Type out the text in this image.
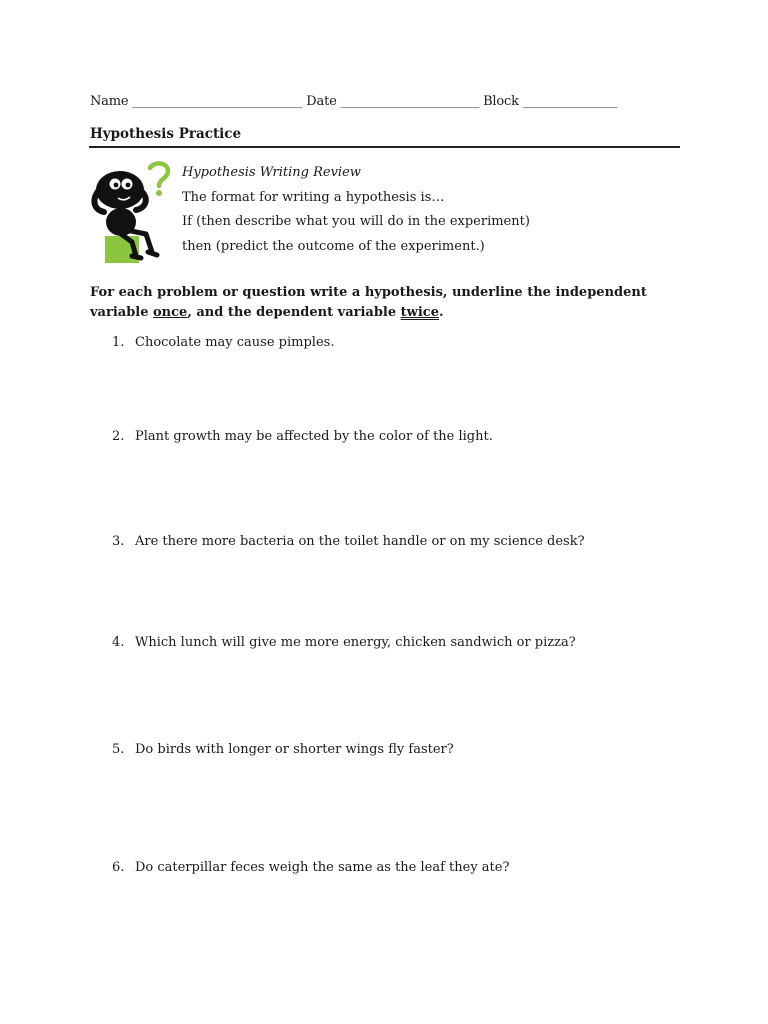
Name ___________________________ Date ______________________ Block _______________
Hypothesis Practice
Hypothesis Writing Review
The format for writing a hypothesis is…
If (then describe what you will do in the experiment)
then (predict the outcome of the experiment.)
For each problem or question write a hypothesis, underline the independent variable once, and the dependent variable twice.
1. Chocolate may cause pimples.
2. Plant growth may be affected by the color of the light.
3. Are there more bacteria on the toilet handle or on my science desk?
4. Which lunch will give me more energy, chicken sandwich or pizza?
5. Do birds with longer or shorter wings fly faster?
6. Do caterpillar feces weigh the same as the leaf they ate?
